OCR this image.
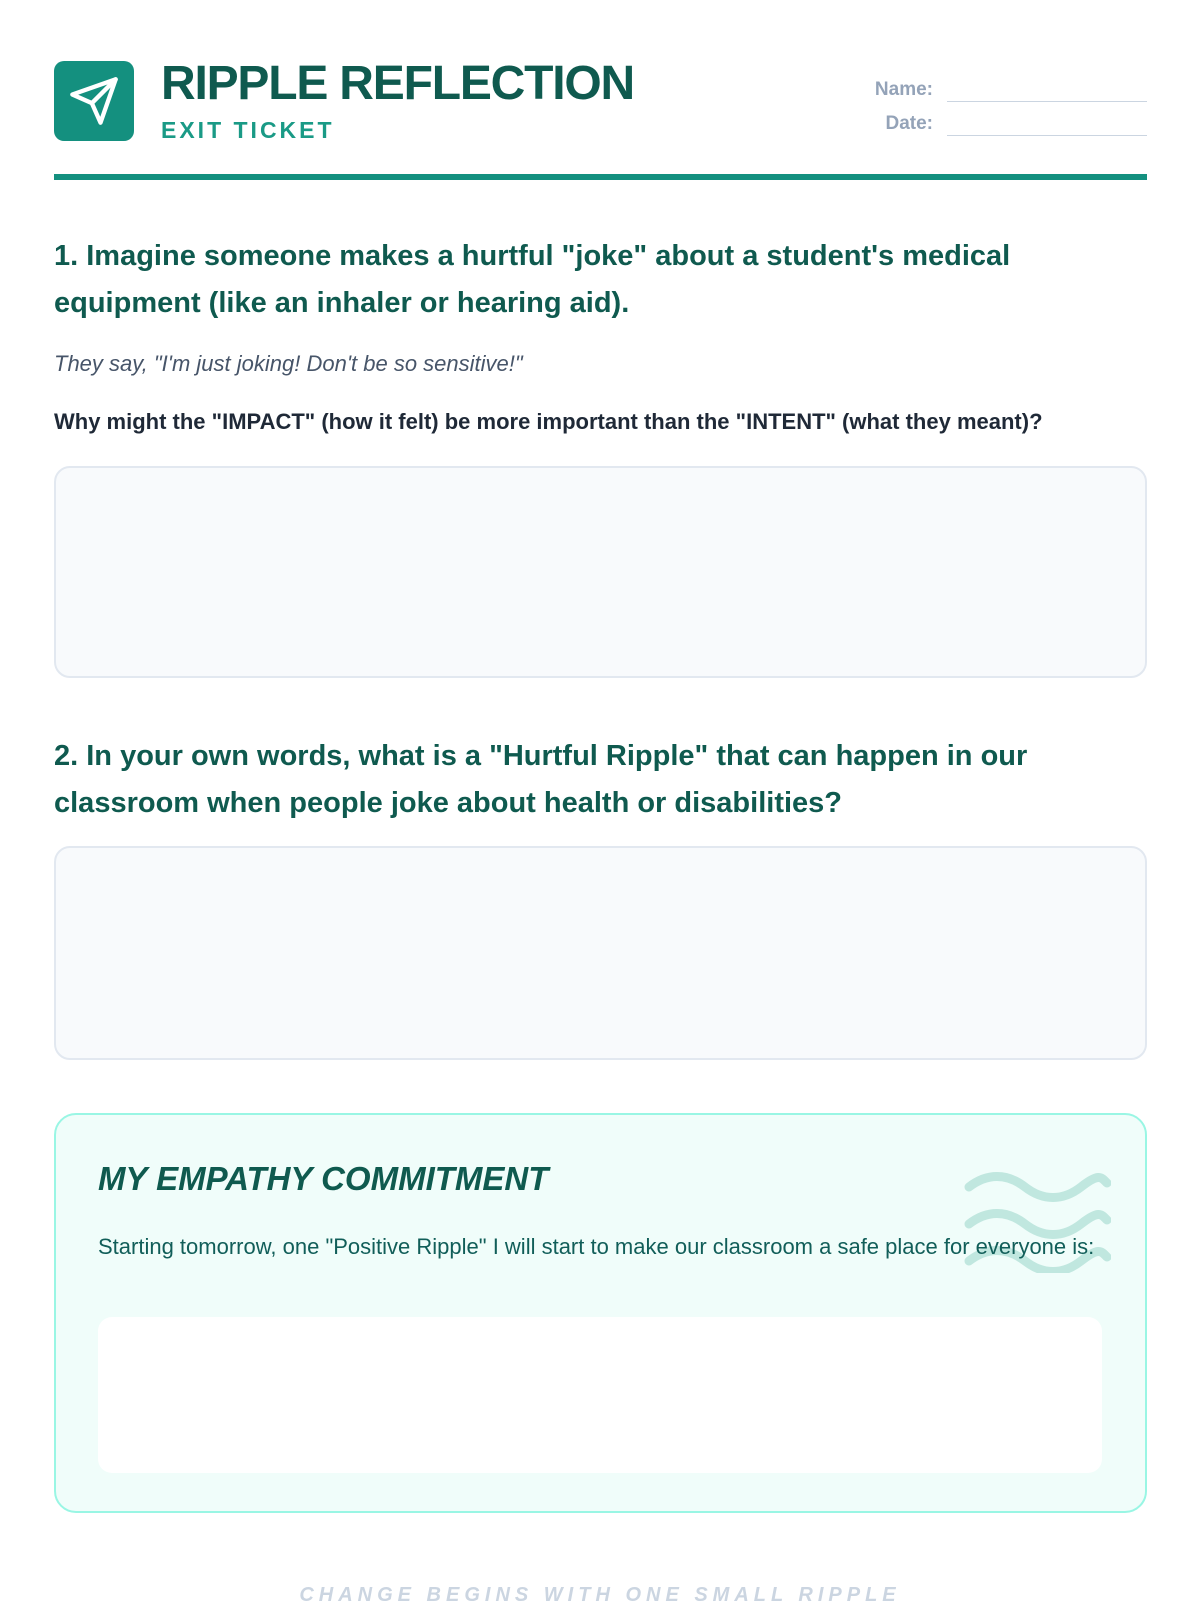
RIPPLE REFLECTION
EXIT TICKET
Name:
Date:

1. Imagine someone makes a hurtful "joke" about a student's medical equipment (like an inhaler or hearing aid).

They say, "I'm just joking! Don't be so sensitive!"
Why might the "IMPACT" (how it felt) be more important than the "INTENT" (what they meant)?

2. In your own words, what is a "Hurtful Ripple" that can happen in our classroom when people joke about health or disabilities?

MY EMPATHY COMMITMENT
Starting tomorrow, one "Positive Ripple" I will start to make our classroom a safe place for everyone is:
CHANGE BEGINS WITH ONE SMALL RIPPLE
